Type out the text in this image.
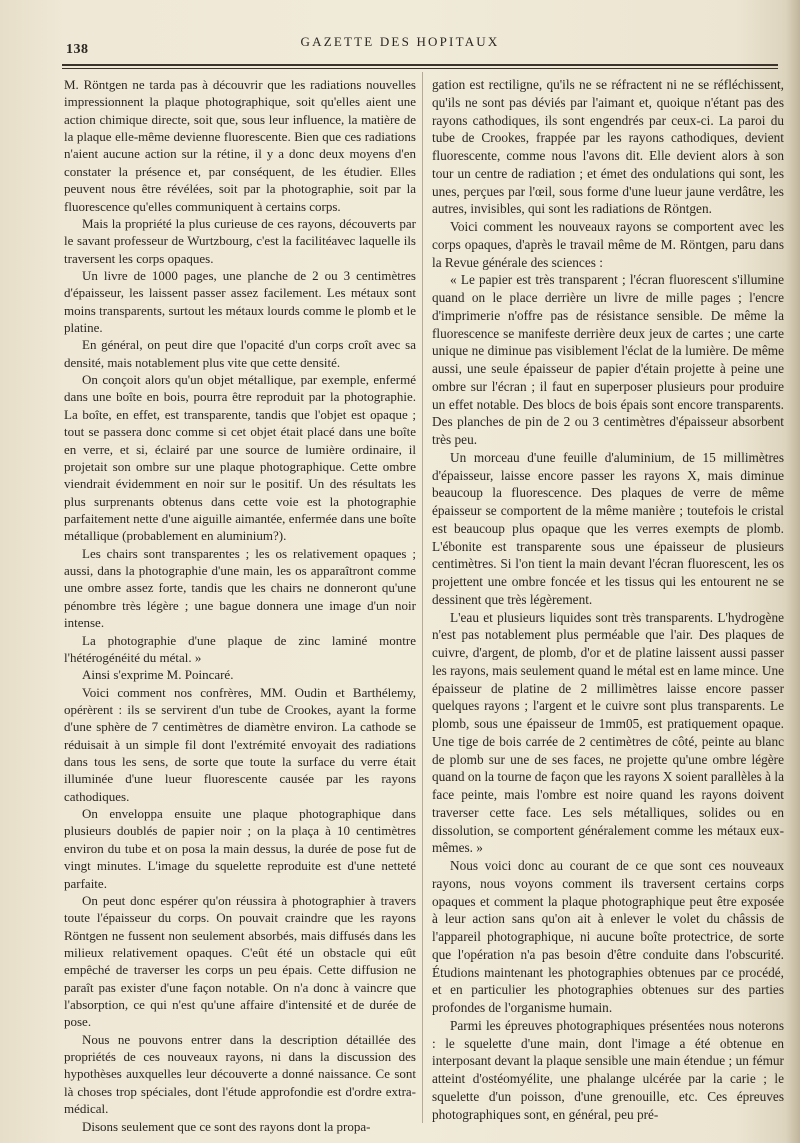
138
GAZETTE DES HOPITAUX

M. Röntgen ne tarda pas à découvrir que les radiations nouvelles impressionnent la plaque photographique, soit qu'elles aient une action chimique directe, soit que, sous leur influence, la matière de la plaque elle-même devienne fluorescente. Bien que ces radiations n'aient aucune action sur la rétine, il y a donc deux moyens d'en constater la présence et, par conséquent, de les étudier. Elles peuvent nous être révélées, soit par la photographie, soit par la fluorescence qu'elles communiquent à certains corps.

Mais la propriété la plus curieuse de ces rayons, découverts par le savant professeur de Wurtzbourg, c'est la facilitéavec laquelle ils traversent les corps opaques.

Un livre de 1000 pages, une planche de 2 ou 3 centimètres d'épaisseur, les laissent passer assez facilement. Les métaux sont moins transparents, surtout les métaux lourds comme le plomb et le platine.

En général, on peut dire que l'opacité d'un corps croît avec sa densité, mais notablement plus vite que cette densité.

On conçoit alors qu'un objet métallique, par exemple, enfermé dans une boîte en bois, pourra être reproduit par la photographie. La boîte, en effet, est transparente, tandis que l'objet est opaque ; tout se passera donc comme si cet objet était placé dans une boîte en verre, et si, éclairé par une source de lumière ordinaire, il projetait son ombre sur une plaque photographique. Cette ombre viendrait évidemment en noir sur le positif. Un des résultats les plus surprenants obtenus dans cette voie est la photographie parfaitement nette d'une aiguille aimantée, enfermée dans une boîte métallique (probablement en aluminium?).

Les chairs sont transparentes ; les os relativement opaques ; aussi, dans la photographie d'une main, les os apparaîtront comme une ombre assez forte, tandis que les chairs ne donneront qu'une pénombre très légère ; une bague donnera une image d'un noir intense.

La photographie d'une plaque de zinc laminé montre l'hétérogénéité du métal. »

Ainsi s'exprime M. Poincaré.

Voici comment nos confrères, MM. Oudin et Barthélemy, opérèrent : ils se servirent d'un tube de Crookes, ayant la forme d'une sphère de 7 centimètres de diamètre environ. La cathode se réduisait à un simple fil dont l'extrémité envoyait des radiations dans tous les sens, de sorte que toute la surface du verre était illuminée d'une lueur fluorescente causée par les rayons cathodiques.

On enveloppa ensuite une plaque photographique dans plusieurs doublés de papier noir ; on la plaça à 10 centimètres environ du tube et on posa la main dessus, la durée de pose fut de vingt minutes. L'image du squelette reproduite est d'une netteté parfaite.

On peut donc espérer qu'on réussira à photographier à travers toute l'épaisseur du corps. On pouvait craindre que les rayons Röntgen ne fussent non seulement absorbés, mais diffusés dans les milieux relativement opaques. C'eût été un obstacle qui eût empêché de traverser les corps un peu épais. Cette diffusion ne paraît pas exister d'une façon notable. On n'a donc à vaincre que l'absorption, ce qui n'est qu'une affaire d'intensité et de durée de pose.

Nous ne pouvons entrer dans la description détaillée des propriétés de ces nouveaux rayons, ni dans la discussion des hypothèses auxquelles leur découverte a donné naissance. Ce sont là choses trop spéciales, dont l'étude approfondie est d'ordre extra-médical.

Disons seulement que ce sont des rayons dont la propa-

gation est rectiligne, qu'ils ne se réfractent ni ne se réfléchissent, qu'ils ne sont pas déviés par l'aimant et, quoique n'étant pas des rayons cathodiques, ils sont engendrés par ceux-ci. La paroi du tube de Crookes, frappée par les rayons cathodiques, devient fluorescente, comme nous l'avons dit. Elle devient alors à son tour un centre de radiation ; et émet des ondulations qui sont, les unes, perçues par l'œil, sous forme d'une lueur jaune verdâtre, les autres, invisibles, qui sont les radiations de Röntgen.

Voici comment les nouveaux rayons se comportent avec les corps opaques, d'après le travail même de M. Röntgen, paru dans la Revue générale des sciences :

« Le papier est très transparent ; l'écran fluorescent s'illumine quand on le place derrière un livre de mille pages ; l'encre d'imprimerie n'offre pas de résistance sensible. De même la fluorescence se manifeste derrière deux jeux de cartes ; une carte unique ne diminue pas visiblement l'éclat de la lumière. De même aussi, une seule épaisseur de papier d'étain projette à peine une ombre sur l'écran ; il faut en superposer plusieurs pour produire un effet notable. Des blocs de bois épais sont encore transparents. Des planches de pin de 2 ou 3 centimètres d'épaisseur absorbent très peu.

Un morceau d'une feuille d'aluminium, de 15 millimètres d'épaisseur, laisse encore passer les rayons X, mais diminue beaucoup la fluorescence. Des plaques de verre de même épaisseur se comportent de la même manière ; toutefois le cristal est beaucoup plus opaque que les verres exempts de plomb. L'ébonite est transparente sous une épaisseur de plusieurs centimètres. Si l'on tient la main devant l'écran fluorescent, les os projettent une ombre foncée et les tissus qui les entourent ne se dessinent que très légèrement.

L'eau et plusieurs liquides sont très transparents. L'hydrogène n'est pas notablement plus perméable que l'air. Des plaques de cuivre, d'argent, de plomb, d'or et de platine laissent aussi passer les rayons, mais seulement quand le métal est en lame mince. Une épaisseur de platine de 2 millimètres laisse encore passer quelques rayons ; l'argent et le cuivre sont plus transparents. Le plomb, sous une épaisseur de 1mm05, est pratiquement opaque. Une tige de bois carrée de 2 centimètres de côté, peinte au blanc de plomb sur une de ses faces, ne projette qu'une ombre légère quand on la tourne de façon que les rayons X soient parallèles à la face peinte, mais l'ombre est noire quand les rayons doivent traverser cette face. Les sels métalliques, solides ou en dissolution, se comportent généralement comme les métaux eux-mêmes. »

Nous voici donc au courant de ce que sont ces nouveaux rayons, nous voyons comment ils traversent certains corps opaques et comment la plaque photographique peut être exposée à leur action sans qu'on ait à enlever le volet du châssis de l'appareil photographique, ni aucune boîte protectrice, de sorte que l'opération n'a pas besoin d'être conduite dans l'obscurité. Étudions maintenant les photographies obtenues par ce procédé, et en particulier les photographies obtenues sur des parties profondes de l'organisme humain.

Parmi les épreuves photographiques présentées nous noterons : le squelette d'une main, dont l'image a été obtenue en interposant devant la plaque sensible une main étendue ; un fémur atteint d'ostéomyélite, une phalange ulcérée par la carie ; le squelette d'un poisson, d'une grenouille, etc. Ces épreuves photographiques sont, en général, peu pré-
